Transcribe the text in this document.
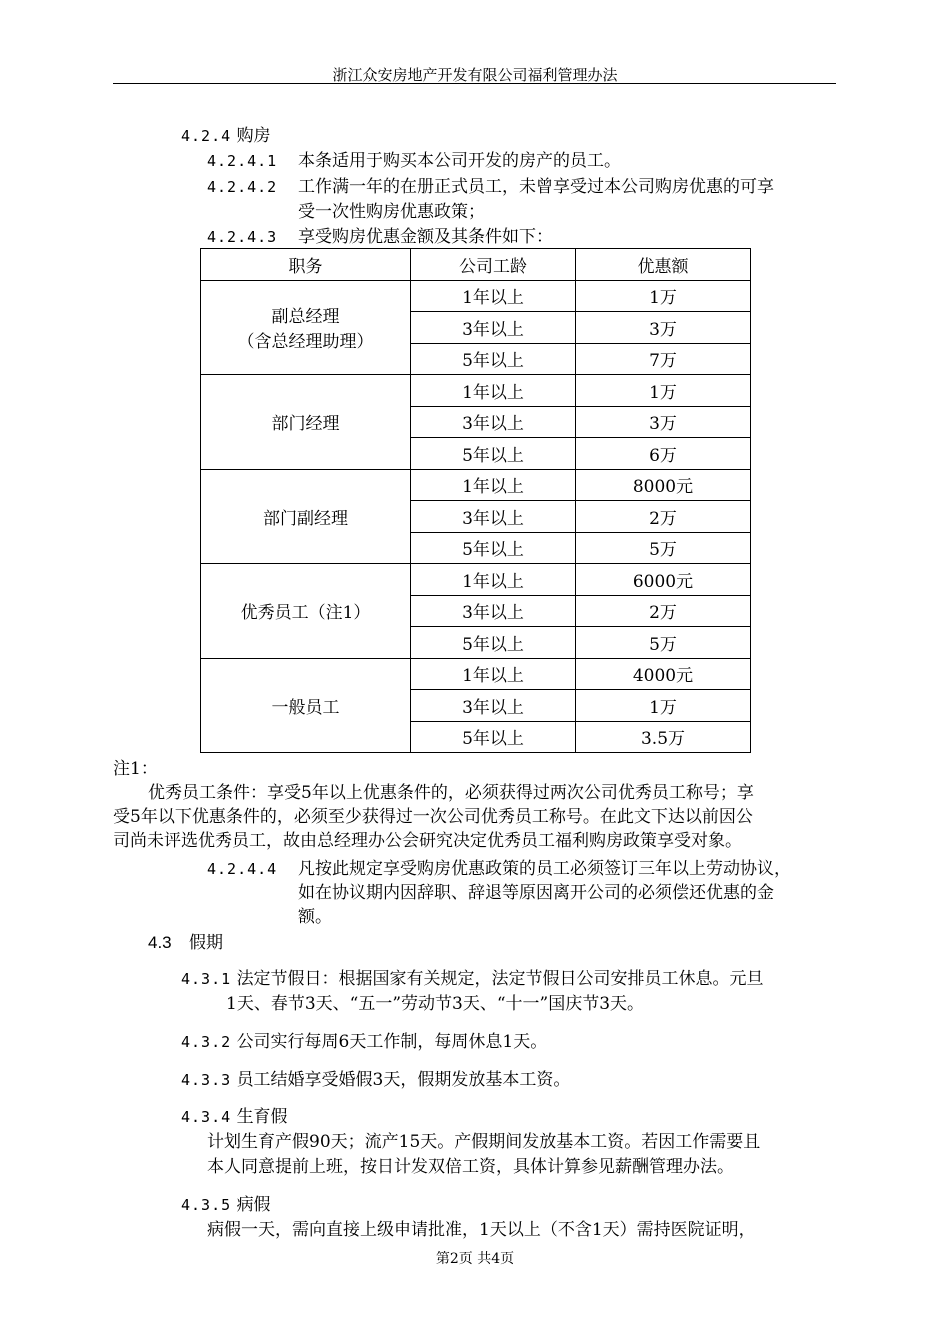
浙江众安房地产开发有限公司福利管理办法
4.2.4 购房
4.2.4.1 本条适用于购买本公司开发的房产的员工。
4.2.4.2 工作满一年的在册正式员工，未曾享受过本公司购房优惠的可享
受一次性购房优惠政策；
4.2.4.3 享受购房优惠金额及其条件如下：
职务	公司工龄	优惠额

副总经理
（含总经理助理）	1年以上	1万
	3年以上	3万
	5年以上	7万
部门经理	1年以上	1万
	3年以上	3万
	5年以上	6万
部门副经理	1年以上	8000元
	3年以上	2万
	5年以上	5万
优秀员工（注1）	1年以上	6000元
	3年以上	2万
	5年以上	5万
一般员工	1年以上	4000元
	3年以上	1万
	5年以上	3.5万
注1：
优秀员工条件：享受5年以上优惠条件的，必须获得过两次公司优秀员工称号；享
受5年以下优惠条件的，必须至少获得过一次公司优秀员工称号。在此文下达以前因公
司尚未评选优秀员工，故由总经理办公会研究决定优秀员工福利购房政策享受对象。
4.2.4.4 凡按此规定享受购房优惠政策的员工必须签订三年以上劳动协议，
如在协议期内因辞职、辞退等原因离开公司的必须偿还优惠的金
额。
4.3 假期
4.3.1 法定节假日：根据国家有关规定，法定节假日公司安排员工休息。元旦
1天、春节3天、“五一”劳动节3天、“十一”国庆节3天。
4.3.2 公司实行每周6天工作制，每周休息1天。
4.3.3 员工结婚享受婚假3天，假期发放基本工资。
4.3.4 生育假
计划生育产假90天；流产15天。产假期间发放基本工资。若因工作需要且
本人同意提前上班，按日计发双倍工资，具体计算参见薪酬管理办法。
4.3.5 病假
病假一天，需向直接上级申请批准，1天以上（不含1天）需持医院证明，
第2页 共4页
